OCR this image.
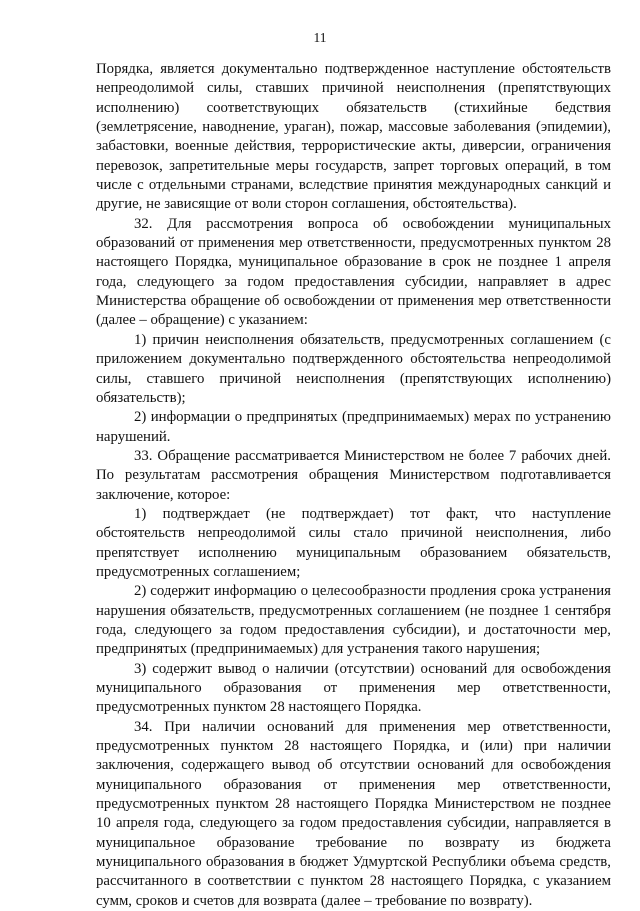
11

Порядка, является документально подтвержденное наступление обстоятельств непреодолимой силы, ставших причиной неисполнения (препятствующих исполнению) соответствующих обязательств (стихийные бедствия (землетрясение, наводнение, ураган), пожар, массовые заболевания (эпидемии), забастовки, военные действия, террористические акты, диверсии, ограничения перевозок, запретительные меры государств, запрет торговых операций, в том числе с отдельными странами, вследствие принятия международных санкций и другие, не зависящие от воли сторон соглашения, обстоятельства).

32. Для рассмотрения вопроса об освобождении муниципальных образований от применения мер ответственности, предусмотренных пунктом 28 настоящего Порядка, муниципальное образование в срок не позднее 1 апреля года, следующего за годом предоставления субсидии, направляет в адрес Министерства обращение об освобождении от применения мер ответственности (далее – обращение) с указанием:

1) причин неисполнения обязательств, предусмотренных соглашением (с приложением документально подтвержденного обстоятельства непреодолимой силы, ставшего причиной неисполнения (препятствующих исполнению) обязательств);

2) информации о предпринятых (предпринимаемых) мерах по устранению нарушений.

33. Обращение рассматривается Министерством не более 7 рабочих дней. По результатам рассмотрения обращения Министерством подготавливается заключение, которое:

1) подтверждает (не подтверждает) тот факт, что наступление обстоятельств непреодолимой силы стало причиной неисполнения, либо препятствует исполнению муниципальным образованием обязательств, предусмотренных соглашением;

2) содержит информацию о целесообразности продления срока устранения нарушения обязательств, предусмотренных соглашением (не позднее 1 сентября года, следующего за годом предоставления субсидии), и достаточности мер, предпринятых (предпринимаемых) для устранения такого нарушения;

3) содержит вывод о наличии (отсутствии) оснований для освобождения муниципального образования от применения мер ответственности, предусмотренных пунктом 28 настоящего Порядка.

34. При наличии оснований для применения мер ответственности, предусмотренных пунктом 28 настоящего Порядка, и (или) при наличии заключения, содержащего вывод об отсутствии оснований для освобождения муниципального образования от применения мер ответственности, предусмотренных пунктом 28 настоящего Порядка Министерством не позднее 10 апреля года, следующего за годом предоставления субсидии, направляется в муниципальное образование требование по возврату из бюджета муниципального образования в бюджет Удмуртской Республики объема средств, рассчитанного в соответствии с пунктом 28 настоящего Порядка, с указанием сумм, сроков и счетов для возврата (далее – требование по возврату).
